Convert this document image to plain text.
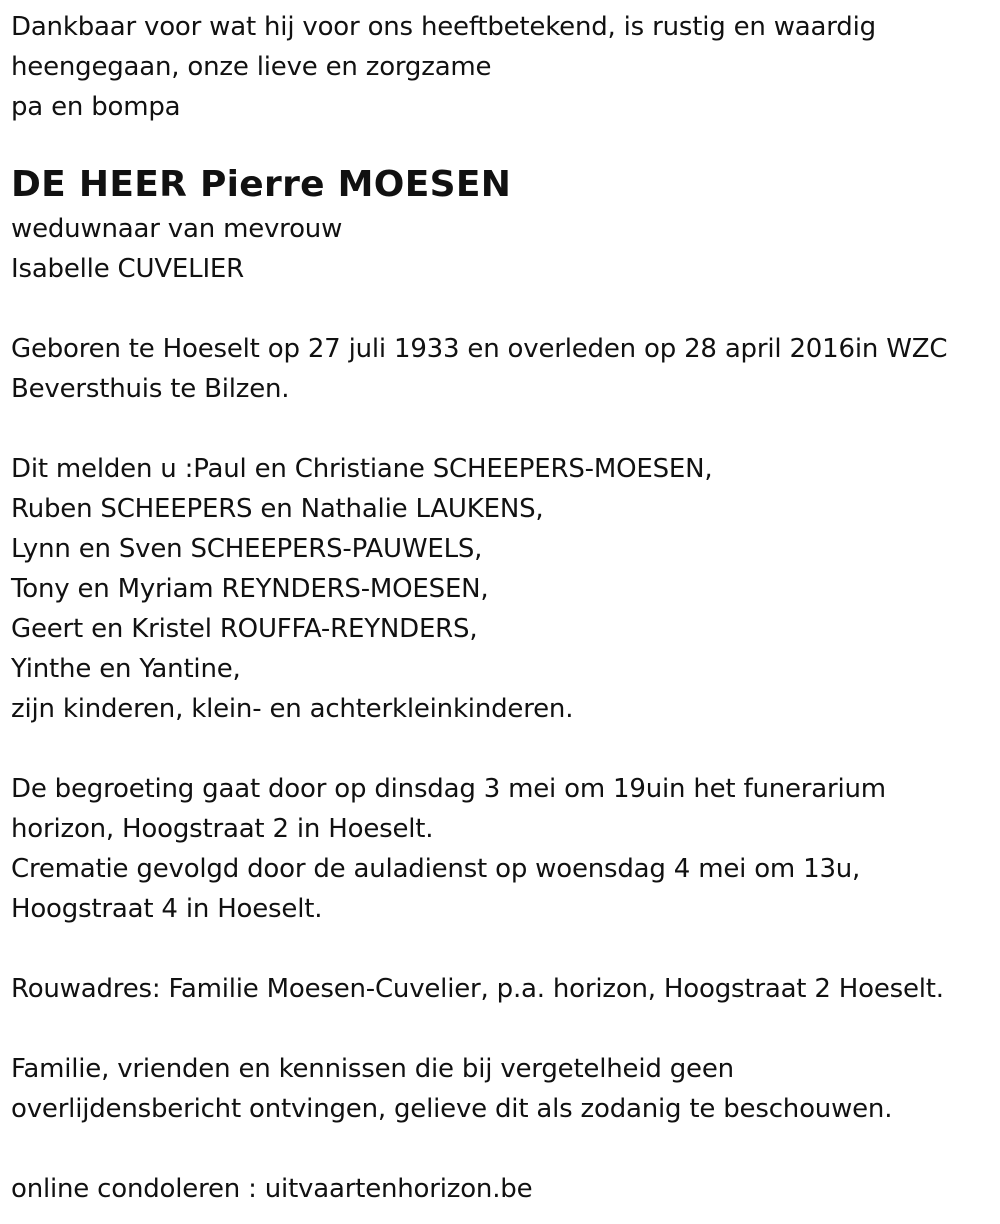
Dankbaar voor wat hij voor ons heeftbetekend, is rustig en waardig
heengegaan, onze lieve en zorgzame
pa en bompa
DE HEER Pierre MOESEN
weduwnaar van mevrouw
Isabelle CUVELIER
Geboren te Hoeselt op 27 juli 1933 en overleden op 28 april 2016in WZC
Beversthuis te Bilzen.
Dit melden u :Paul en Christiane SCHEEPERS-MOESEN,
Ruben SCHEEPERS en Nathalie LAUKENS,
Lynn en Sven SCHEEPERS-PAUWELS,
Tony en Myriam REYNDERS-MOESEN,
Geert en Kristel ROUFFA-REYNDERS,
Yinthe en Yantine,
zijn kinderen, klein- en achterkleinkinderen.
De begroeting gaat door op dinsdag 3 mei om 19uin het funerarium
horizon, Hoogstraat 2 in Hoeselt.
Crematie gevolgd door de auladienst op woensdag 4 mei om 13u,
Hoogstraat 4 in Hoeselt.
Rouwadres: Familie Moesen-Cuvelier, p.a. horizon, Hoogstraat 2 Hoeselt.
Familie, vrienden en kennissen die bij vergetelheid geen
overlijdensbericht ontvingen, gelieve dit als zodanig te beschouwen.
online condoleren : uitvaartenhorizon.be
